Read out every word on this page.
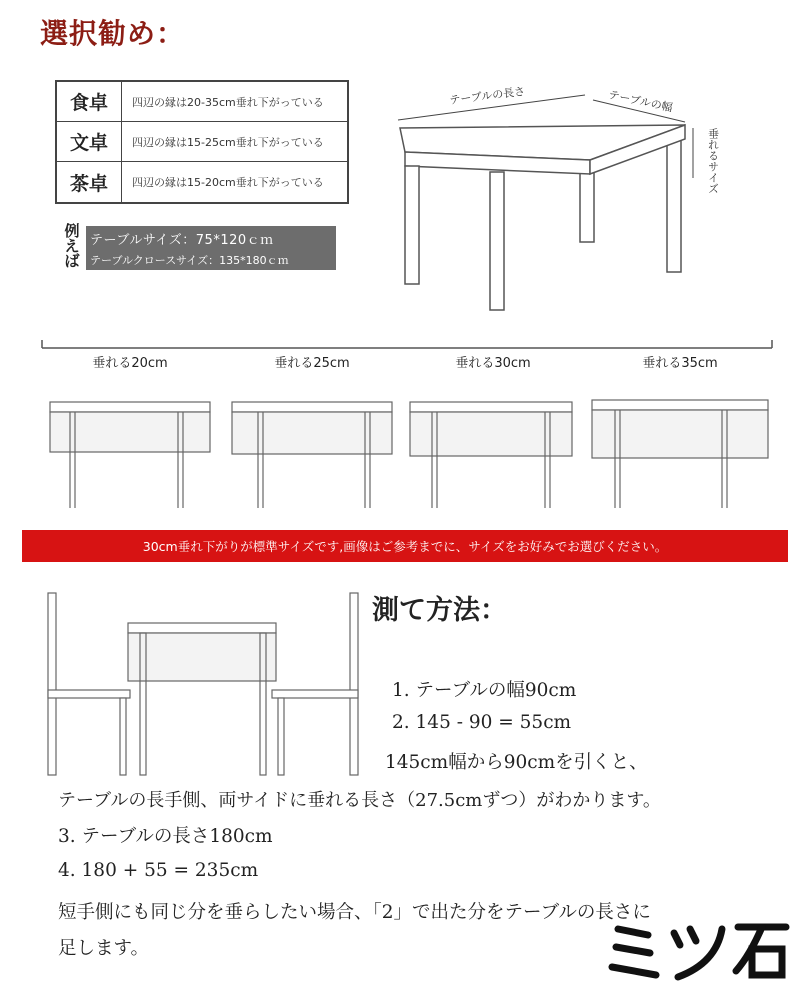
選択勧め：
食卓	四辺の縁は20-35cm垂れ下がっている
文卓	四辺の縁は15-25cm垂れ下がっている
茶卓	四辺の縁は15-20cm垂れ下がっている
例えば
テーブルサイズ：75*120ｃｍ
テーブルクロースサイズ：135*180ｃｍ
テーブルの長さ	テーブルの幅
垂れるサイズ
垂れる20cm	垂れる25cm	垂れる30cm	垂れる35cm
30cm垂れ下がりが標準サイズです,画像はご参考までに、サイズをお好みでお選びください。
測て方法：
1. テーブルの幅90cm
2. 145 - 90 = 55cm
145cm幅から90cmを引くと、
テーブルの長手側、両サイドに垂れる長さ（27.5cmずつ）がわかります。
3. テーブルの長さ180cm
4. 180 + 55 = 235cm
短手側にも同じ分を垂らしたい場合、「2」で出た分をテーブルの長さに
足します。
